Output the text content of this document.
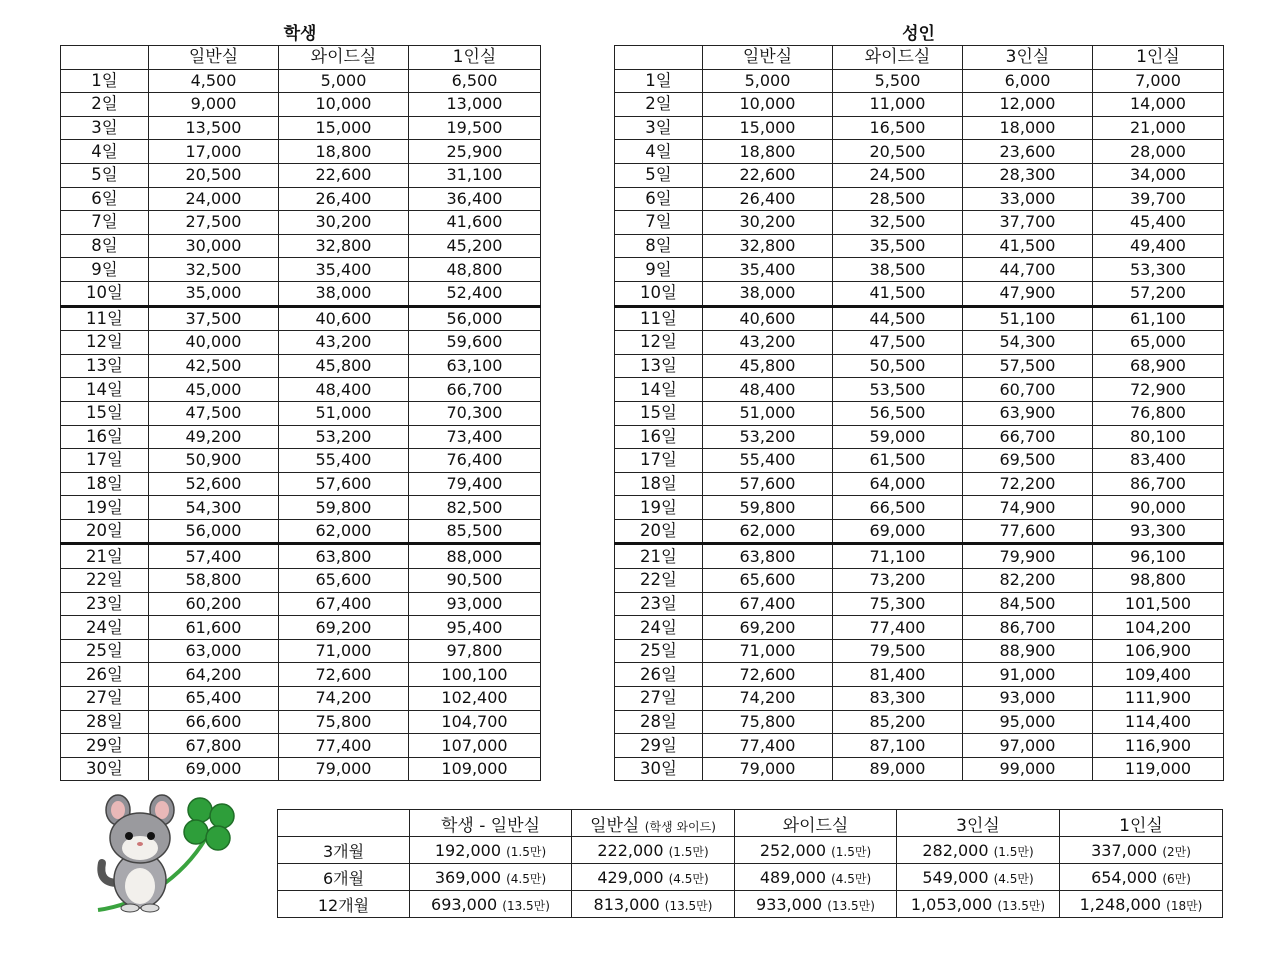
학생	성인
	일반실	와이드실	1인실
1일	4,500	5,000	6,500
2일	9,000	10,000	13,000
3일	13,500	15,000	19,500
4일	17,000	18,800	25,900
5일	20,500	22,600	31,100
6일	24,000	26,400	36,400
7일	27,500	30,200	41,600
8일	30,000	32,800	45,200
9일	32,500	35,400	48,800
10일	35,000	38,000	52,400
11일	37,500	40,600	56,000
12일	40,000	43,200	59,600
13일	42,500	45,800	63,100
14일	45,000	48,400	66,700
15일	47,500	51,000	70,300
16일	49,200	53,200	73,400
17일	50,900	55,400	76,400
18일	52,600	57,600	79,400
19일	54,300	59,800	82,500
20일	56,000	62,000	85,500
21일	57,400	63,800	88,000
22일	58,800	65,600	90,500
23일	60,200	67,400	93,000
24일	61,600	69,200	95,400
25일	63,000	71,000	97,800
26일	64,200	72,600	100,100
27일	65,400	74,200	102,400
28일	66,600	75,800	104,700
29일	67,800	77,400	107,000
30일	69,000	79,000	109,000
	일반실	와이드실	3인실	1인실
1일	5,000	5,500	6,000	7,000
2일	10,000	11,000	12,000	14,000
3일	15,000	16,500	18,000	21,000
4일	18,800	20,500	23,600	28,000
5일	22,600	24,500	28,300	34,000
6일	26,400	28,500	33,000	39,700
7일	30,200	32,500	37,700	45,400
8일	32,800	35,500	41,500	49,400
9일	35,400	38,500	44,700	53,300
10일	38,000	41,500	47,900	57,200
11일	40,600	44,500	51,100	61,100
12일	43,200	47,500	54,300	65,000
13일	45,800	50,500	57,500	68,900
14일	48,400	53,500	60,700	72,900
15일	51,000	56,500	63,900	76,800
16일	53,200	59,000	66,700	80,100
17일	55,400	61,500	69,500	83,400
18일	57,600	64,000	72,200	86,700
19일	59,800	66,500	74,900	90,000
20일	62,000	69,000	77,600	93,300
21일	63,800	71,100	79,900	96,100
22일	65,600	73,200	82,200	98,800
23일	67,400	75,300	84,500	101,500
24일	69,200	77,400	86,700	104,200
25일	71,000	79,500	88,900	106,900
26일	72,600	81,400	91,000	109,400
27일	74,200	83,300	93,000	111,900
28일	75,800	85,200	95,000	114,400
29일	77,400	87,100	97,000	116,900
30일	79,000	89,000	99,000	119,000
	학생 - 일반실	일반실 (학생 와이드)	와이드실	3인실	1인실
3개월	192,000 (1.5만)	222,000 (1.5만)	252,000 (1.5만)	282,000 (1.5만)	337,000 (2만)
6개월	369,000 (4.5만)	429,000 (4.5만)	489,000 (4.5만)	549,000 (4.5만)	654,000 (6만)
12개월	693,000 (13.5만)	813,000 (13.5만)	933,000 (13.5만)	1,053,000 (13.5만)	1,248,000 (18만)
